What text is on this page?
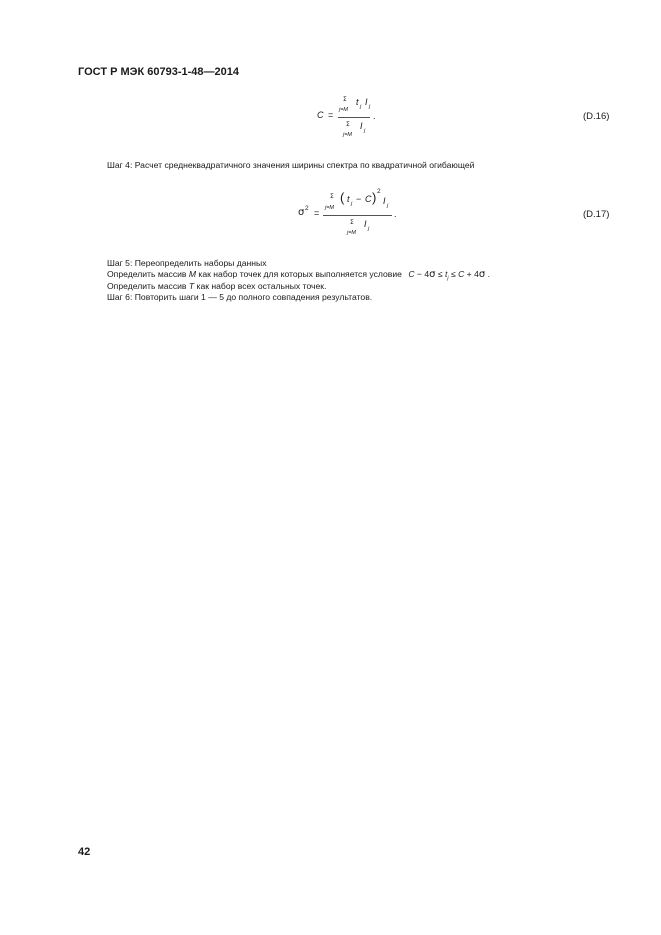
ГОСТ Р МЭК 60793-1-48—2014
C =
Σ
j=M
t j I j
Σ
j=M
I j
.	(D.16)
Шаг 4: Расчет среднеквадратичного значения ширины спектра по квадратичной огибающей
σ 2 =
Σ
j=M
( t j − C ) 2
I j
Σ
j=M
I j
.	(D.17)
Шаг 5: Переопределить наборы данных
Определить массив M как набор точек для которых выполняется условие $C - 4\sigma \le t_j \le C + 4\sigma$ .
Определить массив T как набор всех остальных точек.
Шаг 6: Повторить шаги 1 — 5 до полного совпадения результатов.
42
